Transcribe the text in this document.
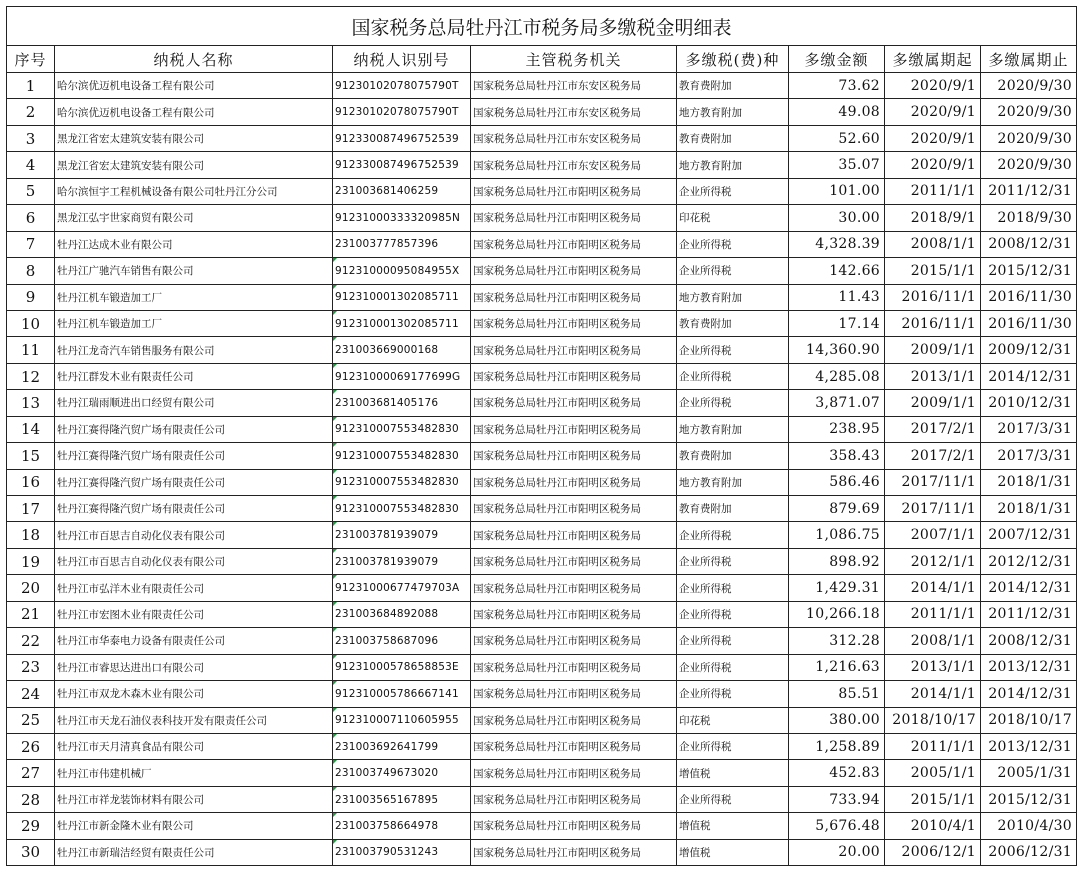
国家税务总局牡丹江市税务局多缴税金明细表							
序号	纳税人名称	纳税人识别号	主管税务机关	多缴税(费)种	多缴金额	多缴属期起	多缴属期止
1	哈尔滨优迈机电设备工程有限公司	91230102078075790T	国家税务总局牡丹江市东安区税务局	教育费附加	73.62	2020/9/1	2020/9/30
2	哈尔滨优迈机电设备工程有限公司	91230102078075790T	国家税务总局牡丹江市东安区税务局	地方教育附加	49.08	2020/9/1	2020/9/30
3	黑龙江省宏太建筑安装有限公司	912330087496752539	国家税务总局牡丹江市东安区税务局	教育费附加	52.60	2020/9/1	2020/9/30
4	黑龙江省宏太建筑安装有限公司	912330087496752539	国家税务总局牡丹江市东安区税务局	地方教育附加	35.07	2020/9/1	2020/9/30
5	哈尔滨恒宇工程机械设备有限公司牡丹江分公司	231003681406259	国家税务总局牡丹江市阳明区税务局	企业所得税	101.00	2011/1/1	2011/12/31
6	黑龙江弘宇世家商贸有限公司	91231000333320985N	国家税务总局牡丹江市阳明区税务局	印花税	30.00	2018/9/1	2018/9/30
7	牡丹江达成木业有限公司	231003777857396	国家税务总局牡丹江市阳明区税务局	企业所得税	4,328.39	2008/1/1	2008/12/31
8	牡丹江广驰汽车销售有限公司	91231000095084955X	国家税务总局牡丹江市阳明区税务局	企业所得税	142.66	2015/1/1	2015/12/31
9	牡丹江机车锻造加工厂	912310001302085711	国家税务总局牡丹江市阳明区税务局	地方教育附加	11.43	2016/11/1	2016/11/30
10	牡丹江机车锻造加工厂	912310001302085711	国家税务总局牡丹江市阳明区税务局	教育费附加	17.14	2016/11/1	2016/11/30
11	牡丹江龙奇汽车销售服务有限公司	231003669000168	国家税务总局牡丹江市阳明区税务局	企业所得税	14,360.90	2009/1/1	2009/12/31
12	牡丹江群发木业有限责任公司	91231000069177699G	国家税务总局牡丹江市阳明区税务局	企业所得税	4,285.08	2013/1/1	2014/12/31
13	牡丹江瑞雨顺进出口经贸有限公司	231003681405176	国家税务总局牡丹江市阳明区税务局	企业所得税	3,871.07	2009/1/1	2010/12/31
14	牡丹江赛得隆汽贸广场有限责任公司	912310007553482830	国家税务总局牡丹江市阳明区税务局	地方教育附加	238.95	2017/2/1	2017/3/31
15	牡丹江赛得隆汽贸广场有限责任公司	912310007553482830	国家税务总局牡丹江市阳明区税务局	教育费附加	358.43	2017/2/1	2017/3/31
16	牡丹江赛得隆汽贸广场有限责任公司	912310007553482830	国家税务总局牡丹江市阳明区税务局	地方教育附加	586.46	2017/11/1	2018/1/31
17	牡丹江赛得隆汽贸广场有限责任公司	912310007553482830	国家税务总局牡丹江市阳明区税务局	教育费附加	879.69	2017/11/1	2018/1/31
18	牡丹江市百思吉自动化仪表有限公司	231003781939079	国家税务总局牡丹江市阳明区税务局	企业所得税	1,086.75	2007/1/1	2007/12/31
19	牡丹江市百思吉自动化仪表有限公司	231003781939079	国家税务总局牡丹江市阳明区税务局	企业所得税	898.92	2012/1/1	2012/12/31
20	牡丹江市弘洋木业有限责任公司	91231000677479703A	国家税务总局牡丹江市阳明区税务局	企业所得税	1,429.31	2014/1/1	2014/12/31
21	牡丹江市宏图木业有限责任公司	231003684892088	国家税务总局牡丹江市阳明区税务局	企业所得税	10,266.18	2011/1/1	2011/12/31
22	牡丹江市华泰电力设备有限责任公司	231003758687096	国家税务总局牡丹江市阳明区税务局	企业所得税	312.28	2008/1/1	2008/12/31
23	牡丹江市睿思达进出口有限公司	91231000578658853E	国家税务总局牡丹江市阳明区税务局	企业所得税	1,216.63	2013/1/1	2013/12/31
24	牡丹江市双龙木森木业有限公司	912310005786667141	国家税务总局牡丹江市阳明区税务局	企业所得税	85.51	2014/1/1	2014/12/31
25	牡丹江市天龙石油仪表科技开发有限责任公司	912310007110605955	国家税务总局牡丹江市阳明区税务局	印花税	380.00	2018/10/17	2018/10/17
26	牡丹江市天月清真食品有限公司	231003692641799	国家税务总局牡丹江市阳明区税务局	企业所得税	1,258.89	2011/1/1	2013/12/31
27	牡丹江市伟建机械厂	231003749673020	国家税务总局牡丹江市阳明区税务局	增值税	452.83	2005/1/1	2005/1/31
28	牡丹江市祥龙装饰材料有限公司	231003565167895	国家税务总局牡丹江市阳明区税务局	企业所得税	733.94	2015/1/1	2015/12/31
29	牡丹江市新金隆木业有限公司	231003758664978	国家税务总局牡丹江市阳明区税务局	增值税	5,676.48	2010/4/1	2010/4/30
30	牡丹江市新瑞洁经贸有限责任公司	231003790531243	国家税务总局牡丹江市阳明区税务局	增值税	20.00	2006/12/1	2006/12/31
